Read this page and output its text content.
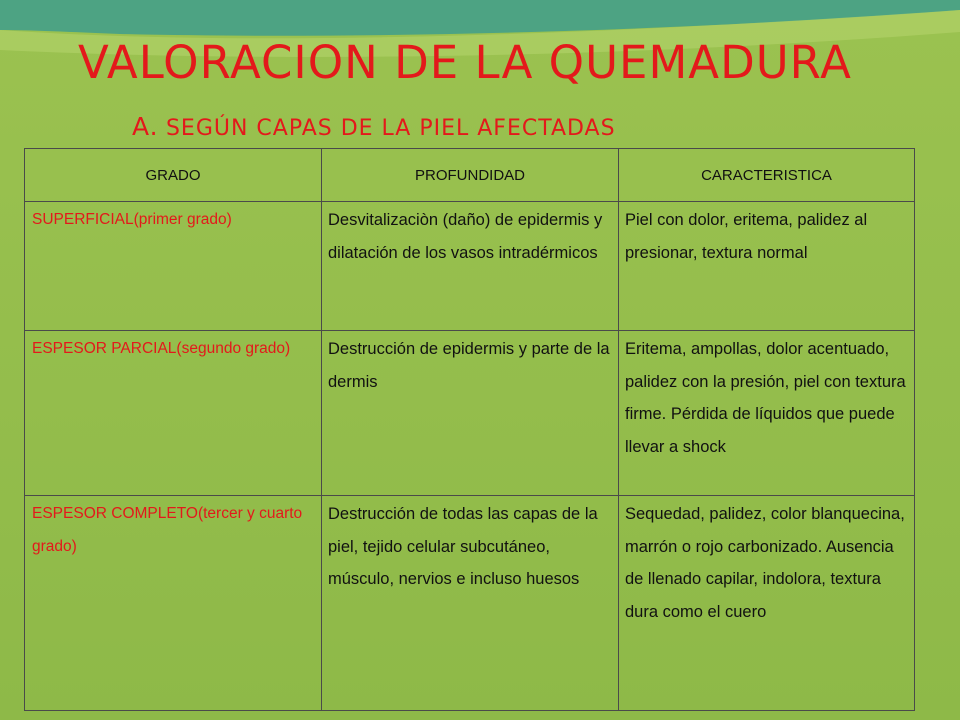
VALORACION DE LA QUEMADURA
A. SEGÚN CAPAS DE LA PIEL AFECTADAS
GRADO	PROFUNDIDAD	CARACTERISTICA
SUPERFICIAL(primer grado)	Desvitalizaciòn (daño) de epidermis y dilatación de los vasos intradérmicos	Piel con dolor, eritema, palidez al presionar, textura normal
ESPESOR PARCIAL(segundo grado)	Destrucción de epidermis y parte de la dermis	Eritema, ampollas, dolor acentuado, palidez con la presión, piel con textura firme. Pérdida de líquidos que puede llevar a shock
ESPESOR COMPLETO(tercer y cuarto grado)	Destrucción de todas las capas de la piel, tejido celular subcutáneo, músculo, nervios e incluso huesos	Sequedad, palidez, color blanquecina, marrón o rojo carbonizado. Ausencia de llenado capilar, indolora, textura dura como el cuero
